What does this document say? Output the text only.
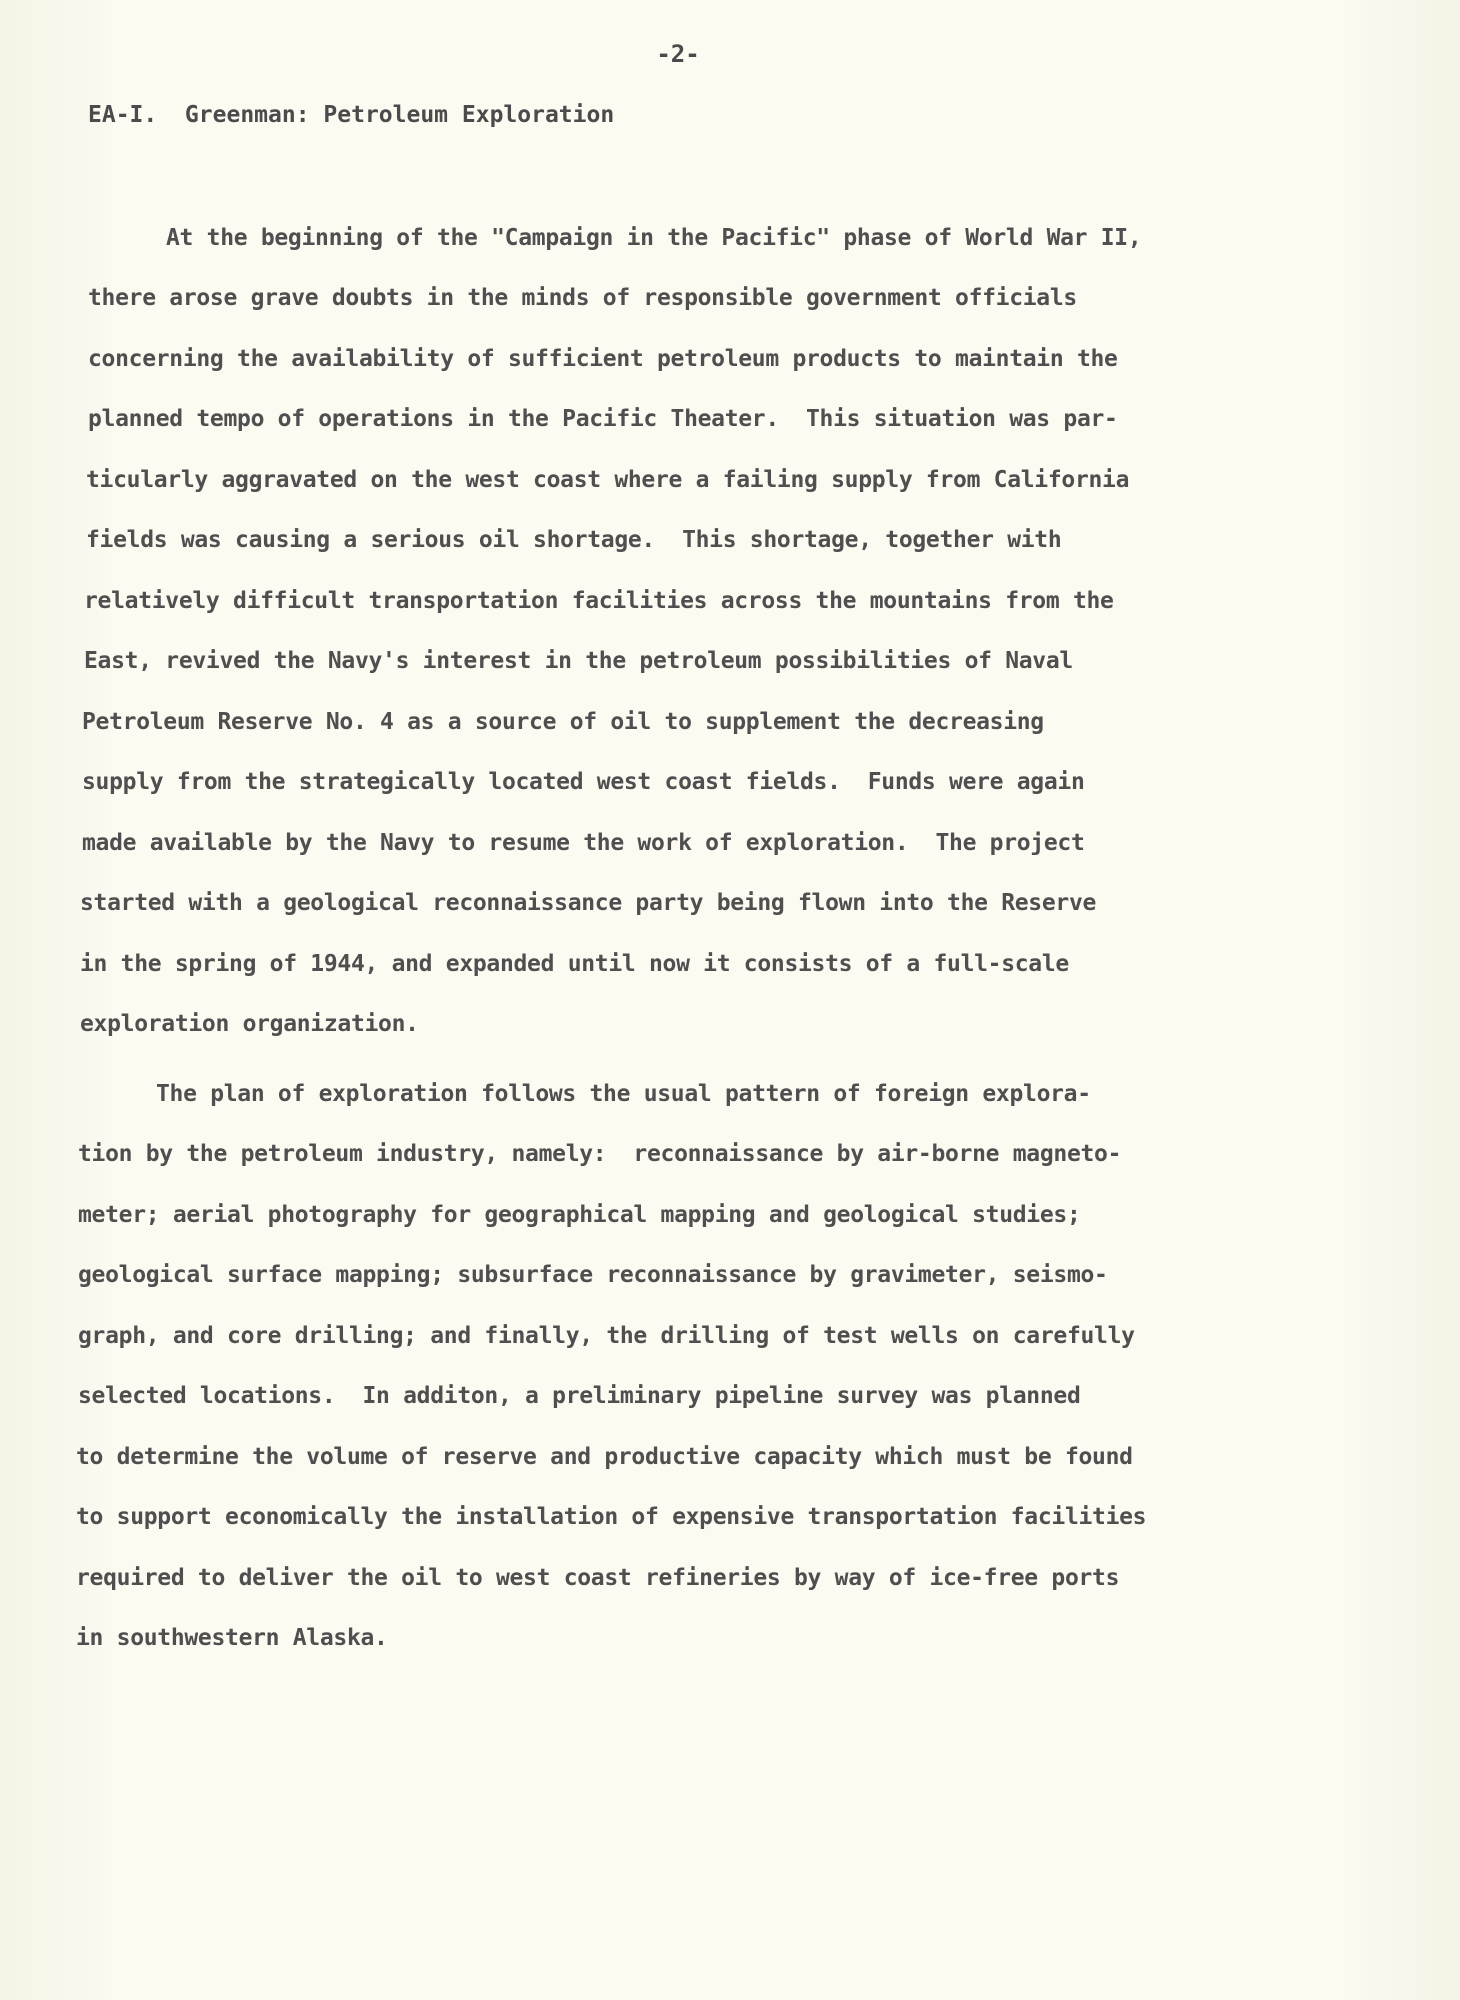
-2-
EA-I.  Greenman: Petroleum Exploration
At the beginning of the "Campaign in the Pacific" phase of World War II,
there arose grave doubts in the minds of responsible government officials
concerning the availability of sufficient petroleum products to maintain the
planned tempo of operations in the Pacific Theater.  This situation was par-
ticularly aggravated on the west coast where a failing supply from California
fields was causing a serious oil shortage.  This shortage, together with
relatively difficult transportation facilities across the mountains from the
East, revived the Navy's interest in the petroleum possibilities of Naval
Petroleum Reserve No. 4 as a source of oil to supplement the decreasing
supply from the strategically located west coast fields.  Funds were again
made available by the Navy to resume the work of exploration.  The project
started with a geological reconnaissance party being flown into the Reserve
in the spring of 1944, and expanded until now it consists of a full-scale
exploration organization.
The plan of exploration follows the usual pattern of foreign explora-
tion by the petroleum industry, namely:  reconnaissance by air-borne magneto-
meter; aerial photography for geographical mapping and geological studies;
geological surface mapping; subsurface reconnaissance by gravimeter, seismo-
graph, and core drilling; and finally, the drilling of test wells on carefully
selected locations.  In additon, a preliminary pipeline survey was planned
to determine the volume of reserve and productive capacity which must be found
to support economically the installation of expensive transportation facilities
required to deliver the oil to west coast refineries by way of ice-free ports
in southwestern Alaska.
